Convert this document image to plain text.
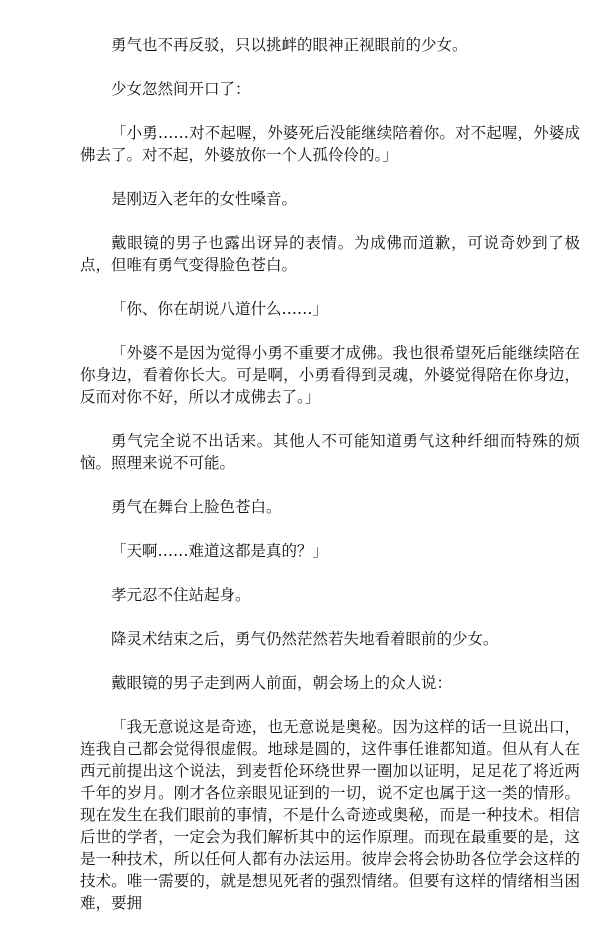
勇气也不再反驳，只以挑衅的眼神正视眼前的少女。

少女忽然间开口了：

「小勇……对不起喔，外婆死后没能继续陪着你。对不起喔，外婆成佛去了。对不起，外婆放你一个人孤伶伶的。」

是刚迈入老年的女性嗓音。

戴眼镜的男子也露出讶异的表情。为成佛而道歉，可说奇妙到了极点，但唯有勇气变得脸色苍白。

「你、你在胡说八道什么……」

「外婆不是因为觉得小勇不重要才成佛。我也很希望死后能继续陪在你身边，看着你长大。可是啊，小勇看得到灵魂，外婆觉得陪在你身边，反而对你不好，所以才成佛去了。」

勇气完全说不出话来。其他人不可能知道勇气这种纤细而特殊的烦恼。照理来说不可能。

勇气在舞台上脸色苍白。

「天啊……难道这都是真的？」

孝元忍不住站起身。

降灵术结束之后，勇气仍然茫然若失地看着眼前的少女。

戴眼镜的男子走到两人前面，朝会场上的众人说：

「我无意说这是奇迹，也无意说是奥秘。因为这样的话一旦说出口，连我自己都会觉得很虚假。地球是圆的，这件事任谁都知道。但从有人在西元前提出这个说法，到麦哲伦环绕世界一圈加以证明，足足花了将近两千年的岁月。刚才各位亲眼见证到的一切，说不定也属于这一类的情形。现在发生在我们眼前的事情，不是什么奇迹或奥秘，而是一种技术。相信后世的学者，一定会为我们解析其中的运作原理。而现在最重要的是，这是一种技术，所以任何人都有办法运用。彼岸会将会协助各位学会这样的技术。唯一需要的，就是想见死者的强烈情绪。但要有这样的情绪相当困难，要拥
